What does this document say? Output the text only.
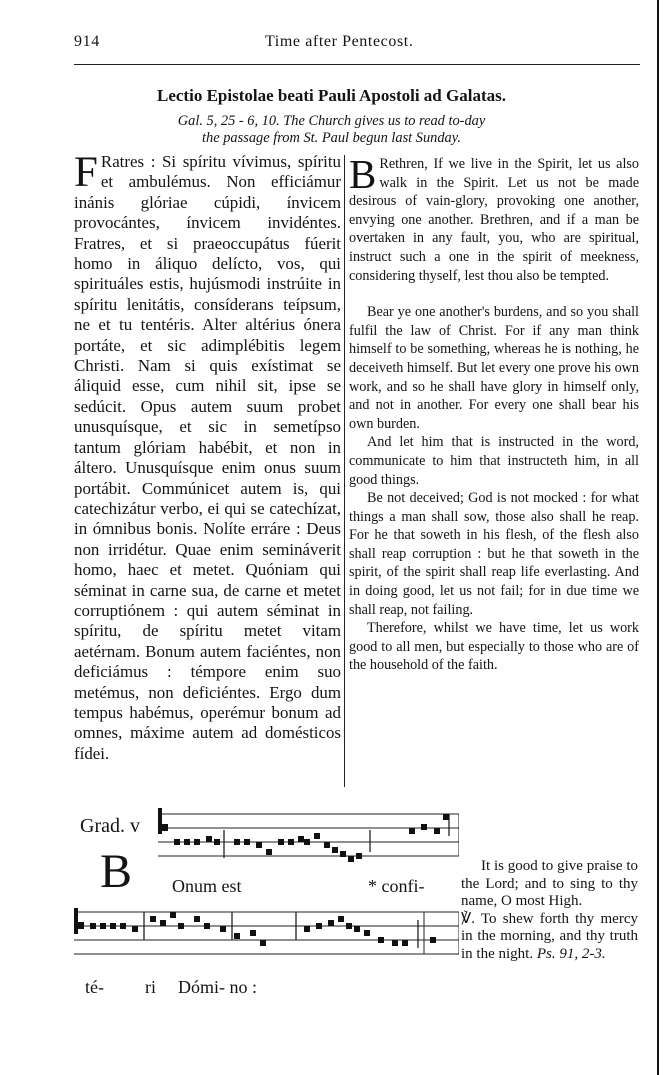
914	Time after Pentecost.
Lectio Epistolae beati Pauli Apostoli ad Galatas.
Gal. 5, 25 - 6, 10. The Church gives us to read to-day
the passage from St. Paul begun last Sunday.

F Ratres : Si spíritu vívimus, spíritu et ambulémus. Non efficiámur inánis glóriae cúpidi, ínvicem provocántes, ínvicem invidéntes. Fratres, et si praeoccupátus fúerit homo in áliquo delícto, vos, qui spirituáles estis, hujúsmodi instrúite in spíritu lenitátis, consíderans teípsum, ne et tu tentéris. Alter altérius ónera portáte, et sic adimplébitis legem Christi. Nam si quis exístimat se áliquid esse, cum nihil sit, ipse se sedúcit. Opus autem suum probet unusquísque, et sic in semetípso tantum glóriam habébit, et non in áltero. Unusquísque enim onus suum portábit. Commúnicet autem is, qui catechizátur verbo, ei qui se catechízat, in ómnibus bonis. Nolíte erráre : Deus non irridétur. Quae enim semináverit homo, haec et metet. Quóniam qui séminat in carne sua, de carne et metet corruptiónem : qui autem séminat in spíritu, de spíritu metet vitam aetérnam. Bonum autem faciéntes, non deficiámus : témpore enim suo metémus, non deficiéntes. Ergo dum tempus habémus, operémur bonum ad omnes, máxime autem ad domésticos fídei.

B Rethren, If we live in the Spirit, let us also walk in the Spirit. Let us not be made desirous of vain-glory, provoking one another, envying one another. Brethren, and if a man be overtaken in any fault, you, who are spiritual, instruct such a one in the spirit of meekness, considering thyself, lest thou also be tempted.

Bear ye one another's burdens, and so you shall fulfil the law of Christ. For if any man think himself to be something, whereas he is nothing, he deceiveth himself. But let every one prove his own work, and so he shall have glory in himself only, and not in another. For every one shall bear his own burden.

And let him that is instructed in the word, communicate to him that instructeth him, in all good things.

Be not deceived; God is not mocked : for what things a man shall sow, those also shall he reap. For he that soweth in his flesh, of the flesh also shall reap corruption : but he that soweth in the spirit, of the spirit shall reap life everlasting. And in doing good, let us not fail; for in due time we shall reap, not failing.

Therefore, whilst we have time, let us work good to all men, but especially to those who are of the household of the faith.

Grad. v
B Onum est	* confi-
té- ri Dómi- no :

It is good to give praise to the Lord; and to sing to thy name, O most High.

℣. To shew forth thy mercy in the morning, and thy truth in the night. Ps. 91, 2-3.
